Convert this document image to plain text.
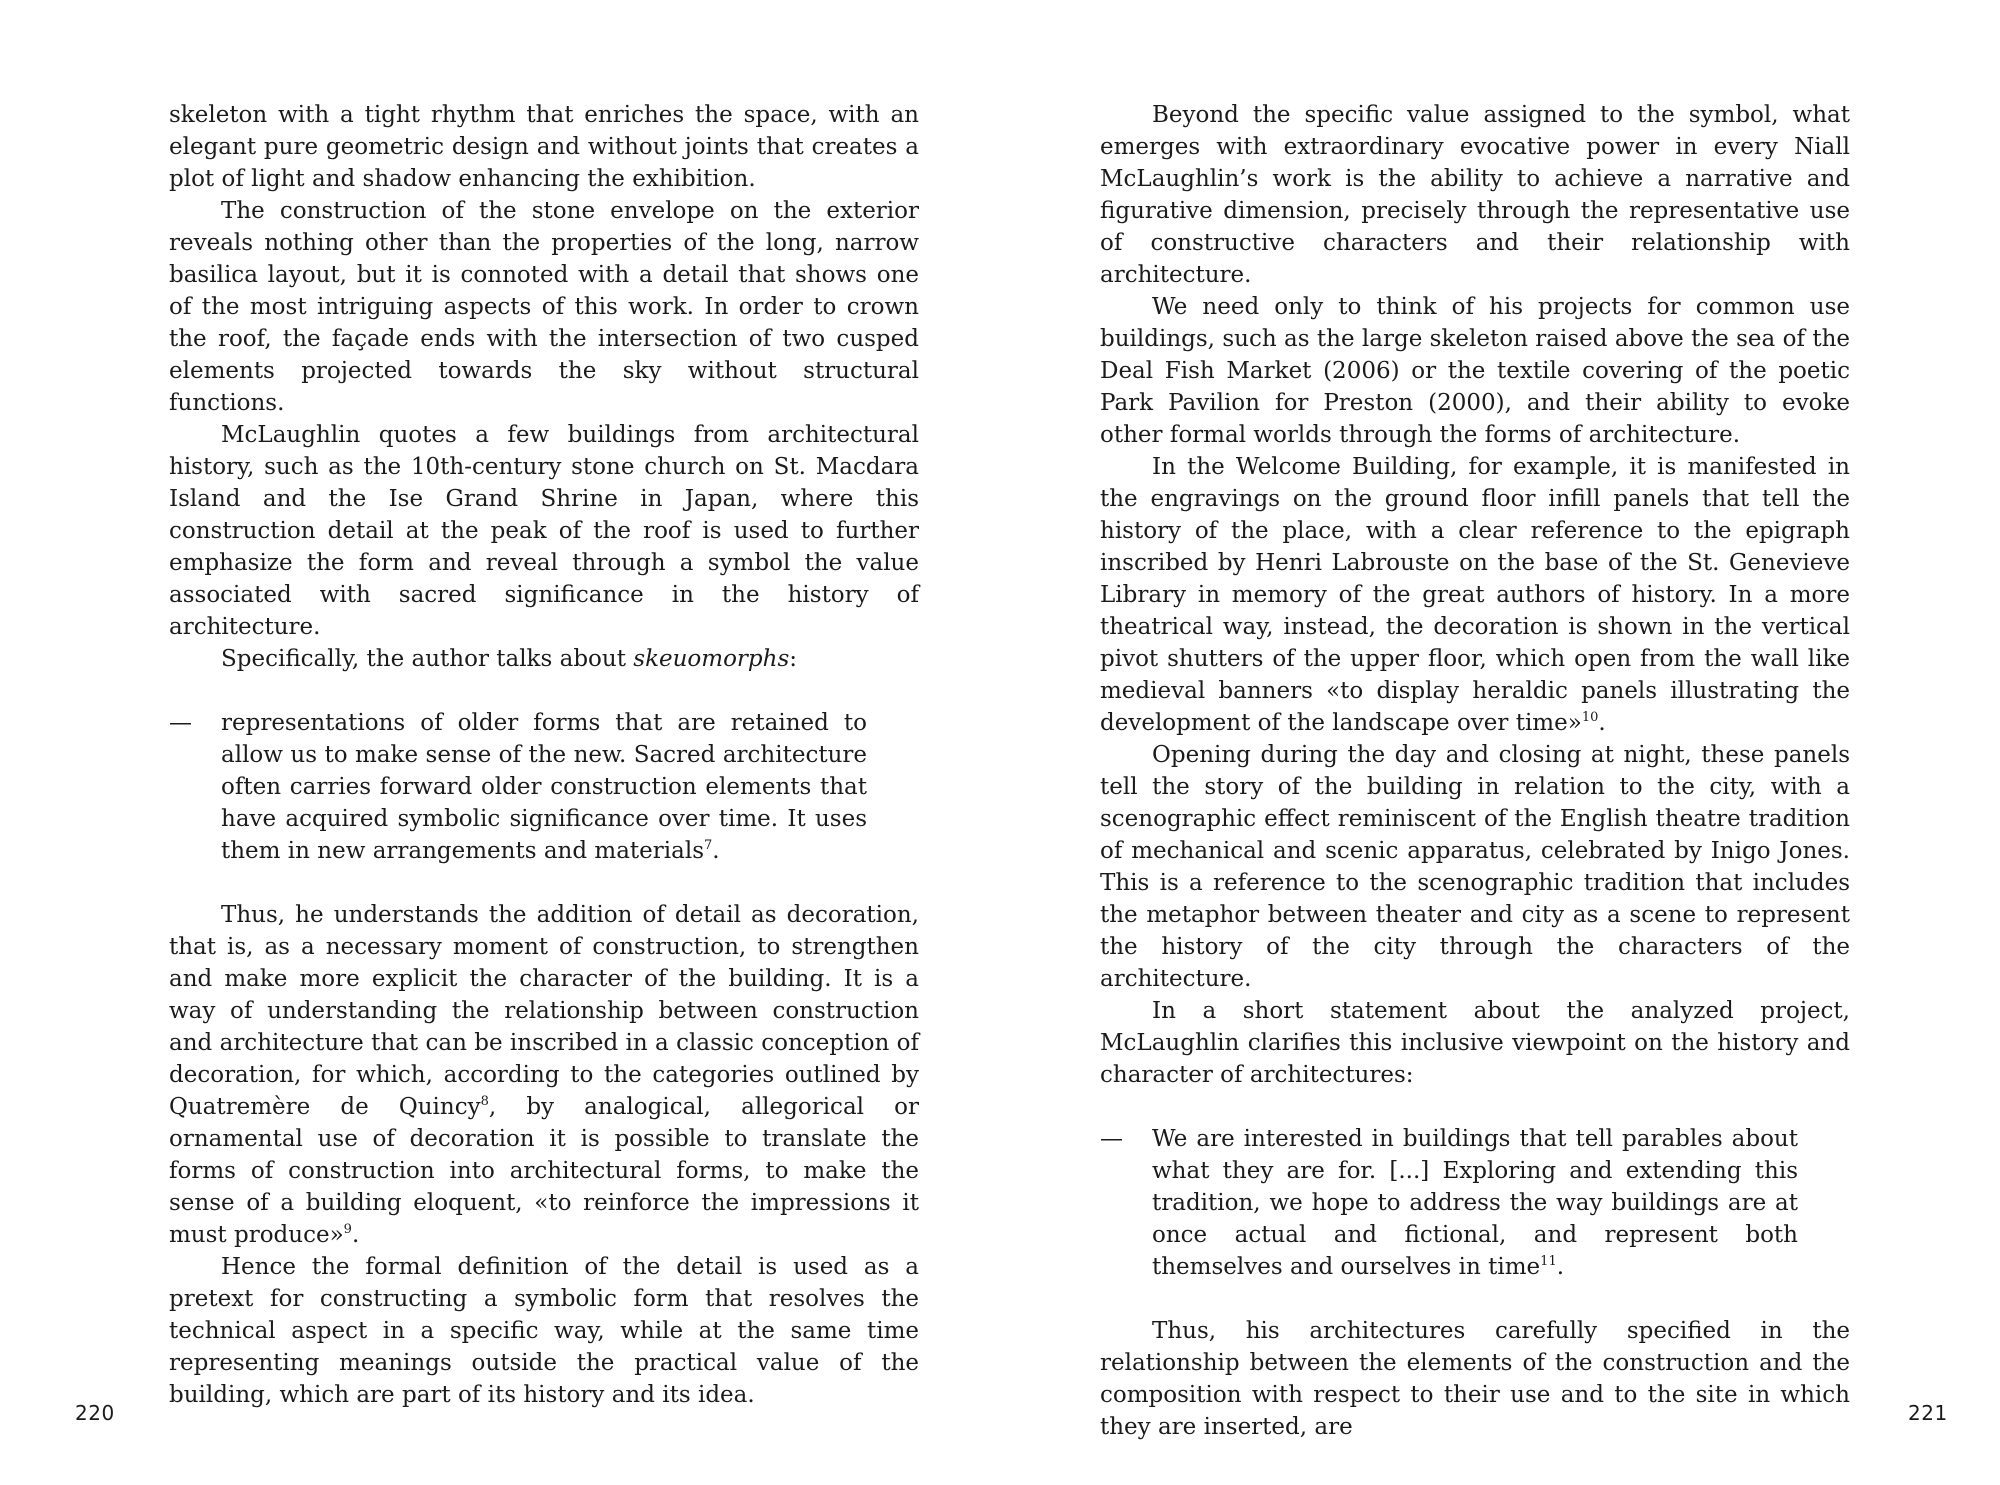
skeleton with a tight rhythm that enriches the space, with an elegant pure geometric design and without joints that creates a plot of light and shadow enhancing the exhibition.

The construction of the stone envelope on the exterior reveals nothing other than the properties of the long, narrow basilica layout, but it is connoted with a detail that shows one of the most intriguing aspects of this work. In order to crown the roof, the façade ends with the intersection of two cusped elements projected towards the sky without structural functions.

McLaughlin quotes a few buildings from architectural history, such as the 10th-century stone church on St. Macdara Island and the Ise Grand Shrine in Japan, where this construction detail at the peak of the roof is used to further emphasize the form and reveal through a symbol the value associated with sacred significance in the history of architecture.

Specifically, the author talks about skeuomorphs:

—	representations of older forms that are retained to allow us to make sense of the new. Sacred architecture often carries forward older construction elements that have acquired symbolic significance over time. It uses them in new arrangements and materials$^7$.

Thus, he understands the addition of detail as decoration, that is, as a necessary moment of construction, to strengthen and make more explicit the character of the building. It is a way of understanding the relationship between construction and architecture that can be inscribed in a classic conception of decoration, for which, according to the categories outlined by Quatremère de Quincy$^8$, by analogical, allegorical or ornamental use of decoration it is possible to translate the forms of construction into architectural forms, to make the sense of a building eloquent, «to reinforce the impressions it must produce»$^9$.

Hence the formal definition of the detail is used as a pretext for constructing a symbolic form that resolves the technical aspect in a specific way, while at the same time representing meanings outside the practical value of the building, which are part of its history and its idea.

220

Beyond the specific value assigned to the symbol, what emerges with extraordinary evocative power in every Niall McLaughlin’s work is the ability to achieve a narrative and figurative dimension, precisely through the representative use of constructive characters and their relationship with architecture.

We need only to think of his projects for common use buildings, such as the large skeleton raised above the sea of the Deal Fish Market (2006) or the textile covering of the poetic Park Pavilion for Preston (2000), and their ability to evoke other formal worlds through the forms of architecture.

In the Welcome Building, for example, it is manifested in the engravings on the ground floor infill panels that tell the history of the place, with a clear reference to the epigraph inscribed by Henri Labrouste on the base of the St. Genevieve Library in memory of the great authors of history. In a more theatrical way, instead, the decoration is shown in the vertical pivot shutters of the upper floor, which open from the wall like medieval banners «to display heraldic panels illustrating the development of the landscape over time»$^{10}$.

Opening during the day and closing at night, these panels tell the story of the building in relation to the city, with a scenographic effect reminiscent of the English theatre tradition of mechanical and scenic apparatus, celebrated by Inigo Jones. This is a reference to the scenographic tradition that includes the metaphor between theater and city as a scene to represent the history of the city through the characters of the architecture.

In a short statement about the analyzed project, McLaughlin clarifies this inclusive viewpoint on the history and character of architectures:

—	We are interested in buildings that tell parables about what they are for. [...] Exploring and extending this tradition, we hope to address the way buildings are at once actual and fictional, and represent both themselves and ourselves in time$^{11}$.

Thus, his architectures carefully specified in the relationship between the elements of the construction and the composition with respect to their use and to the site in which they are inserted, are

221
